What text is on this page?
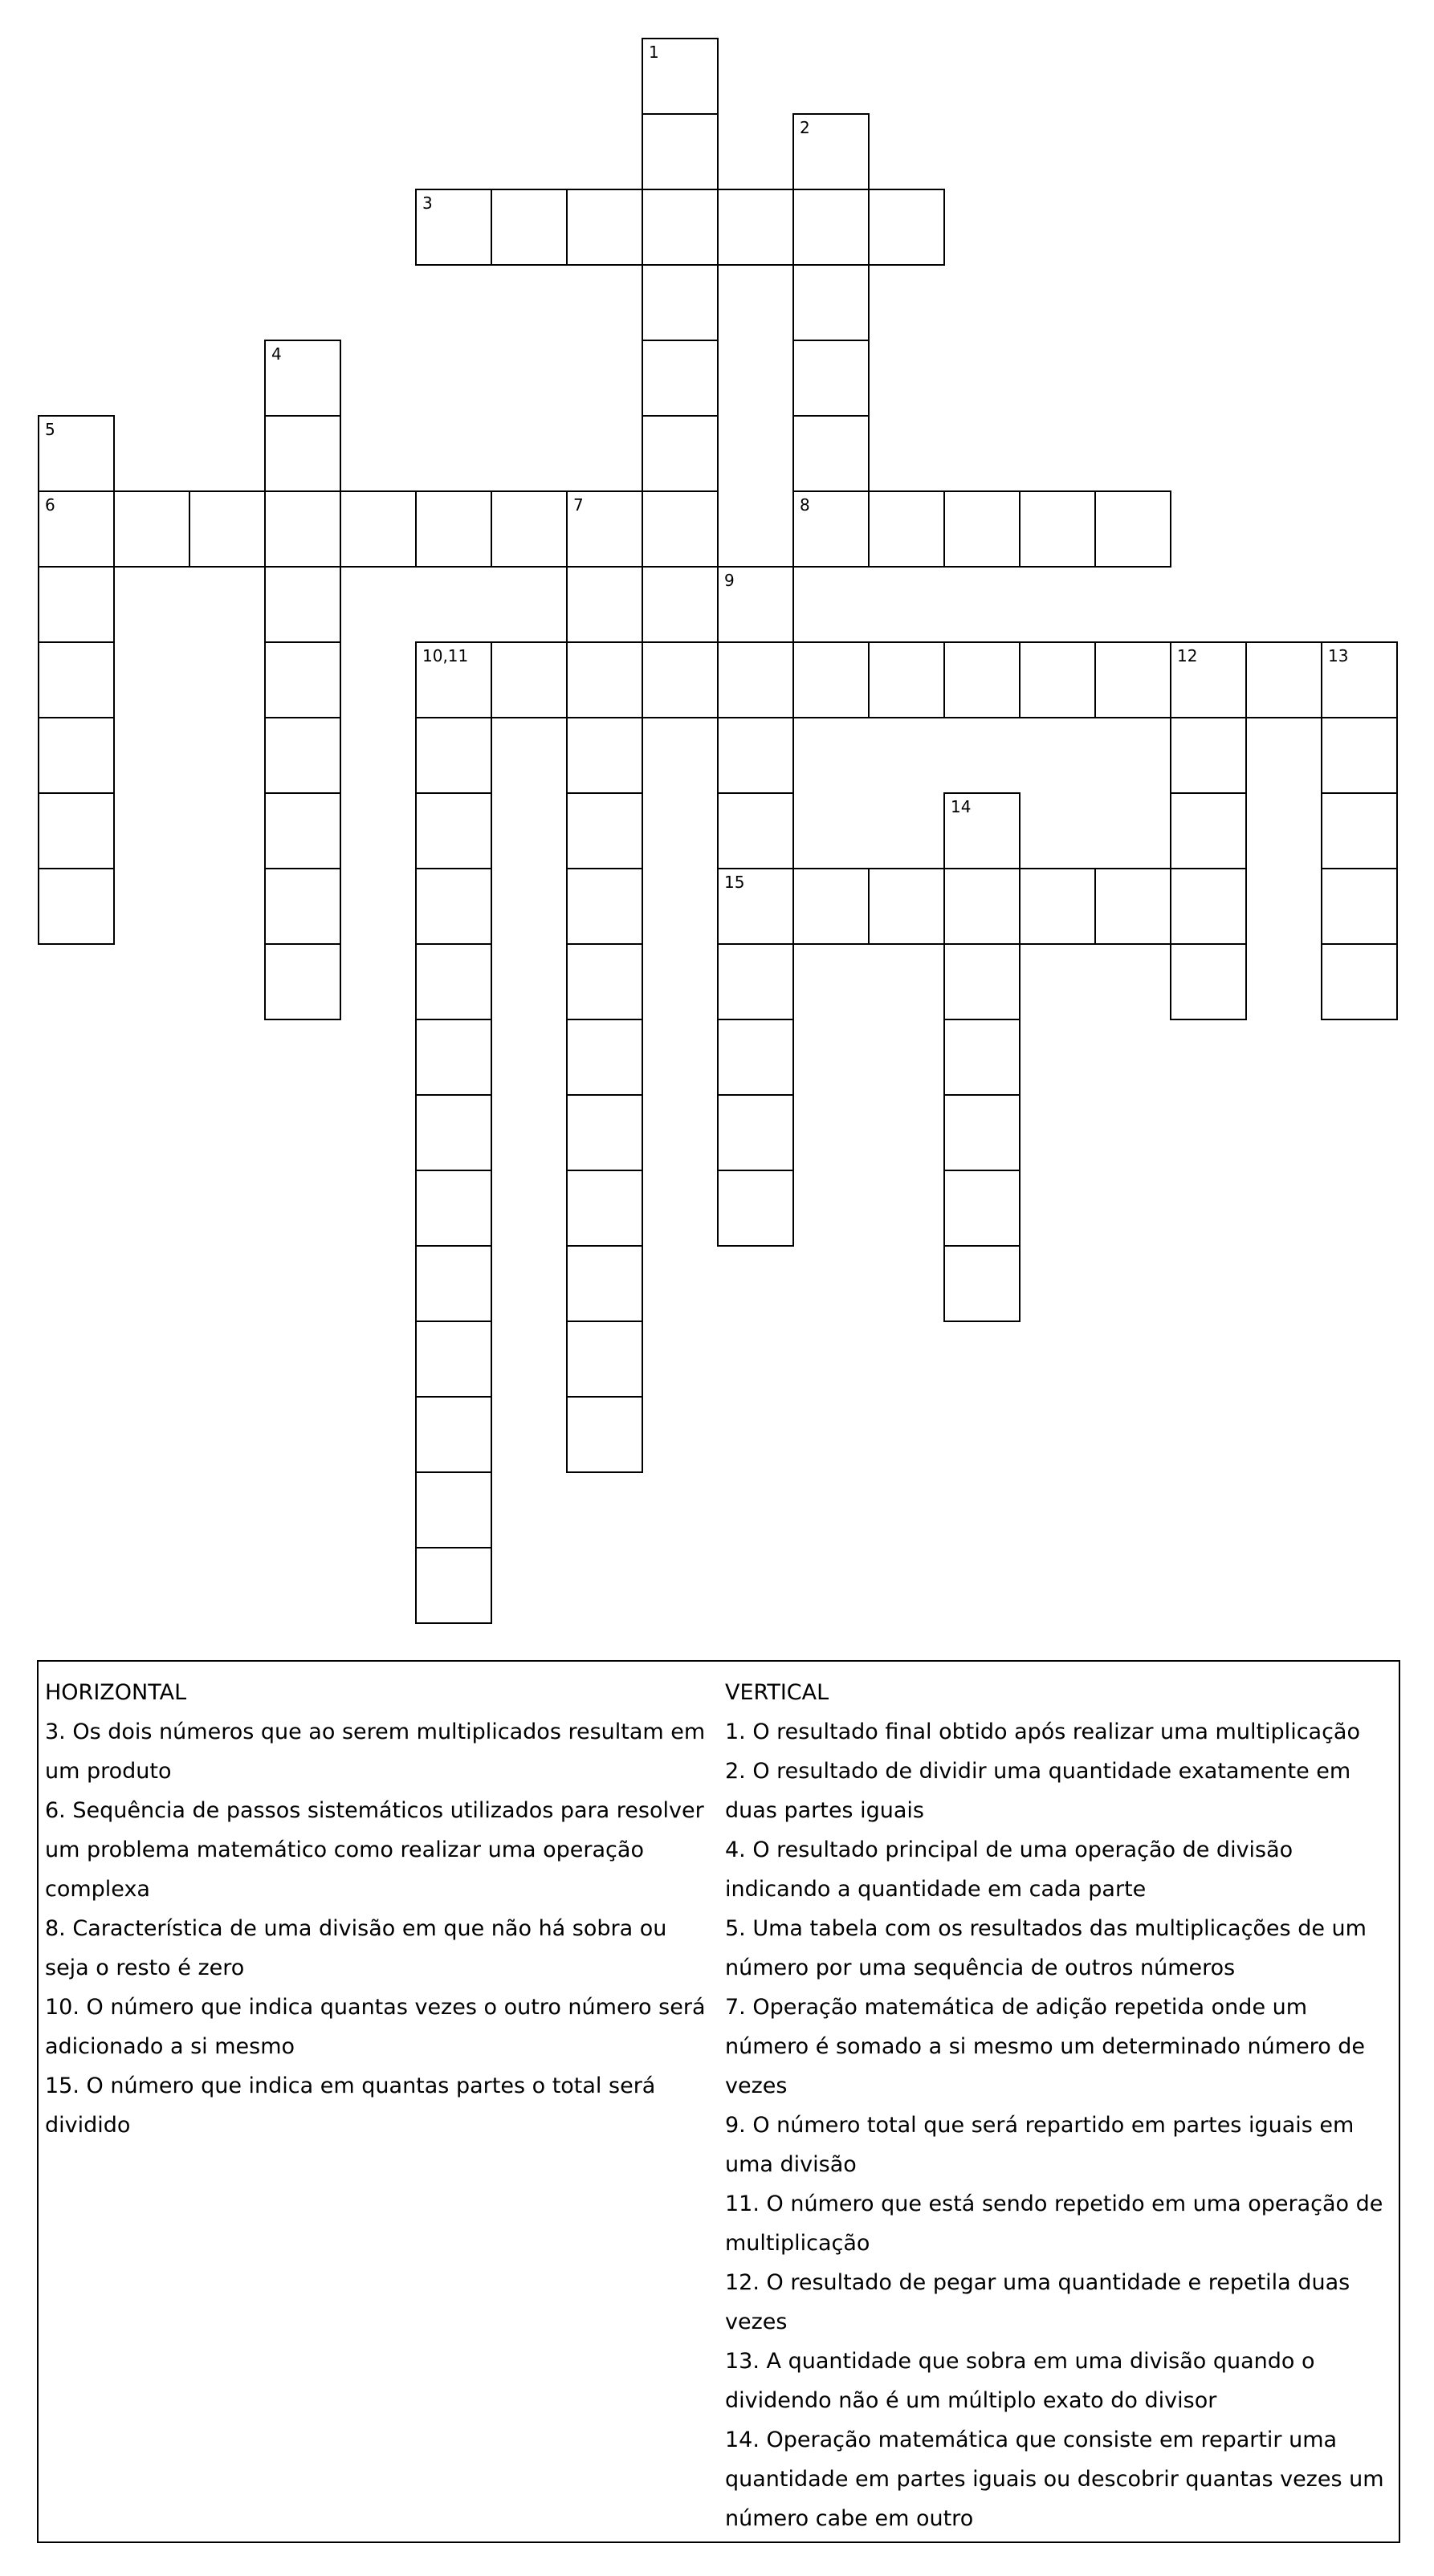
1
2
3
4
5
6	7	8
9
10,11	12	13
14
15
HORIZONTAL

3. Os dois números que ao serem multiplicados resultam em um produto

6. Sequência de passos sistemáticos utilizados para resolver um problema matemático como realizar uma operação complexa

8. Característica de uma divisão em que não há sobra ou seja o resto é zero

10. O número que indica quantas vezes o outro número será adicionado a si mesmo

15. O número que indica em quantas partes o total será dividido

VERTICAL

1. O resultado final obtido após realizar uma multiplicação

2. O resultado de dividir uma quantidade exatamente em duas partes iguais

4. O resultado principal de uma operação de divisão indicando a quantidade em cada parte

5. Uma tabela com os resultados das multiplicações de um número por uma sequência de outros números

7. Operação matemática de adição repetida onde um número é somado a si mesmo um determinado número de vezes

9. O número total que será repartido em partes iguais em uma divisão

11. O número que está sendo repetido em uma operação de multiplicação

12. O resultado de pegar uma quantidade e repetila duas vezes

13. A quantidade que sobra em uma divisão quando o dividendo não é um múltiplo exato do divisor

14. Operação matemática que consiste em repartir uma quantidade em partes iguais ou descobrir quantas vezes um número cabe em outro
